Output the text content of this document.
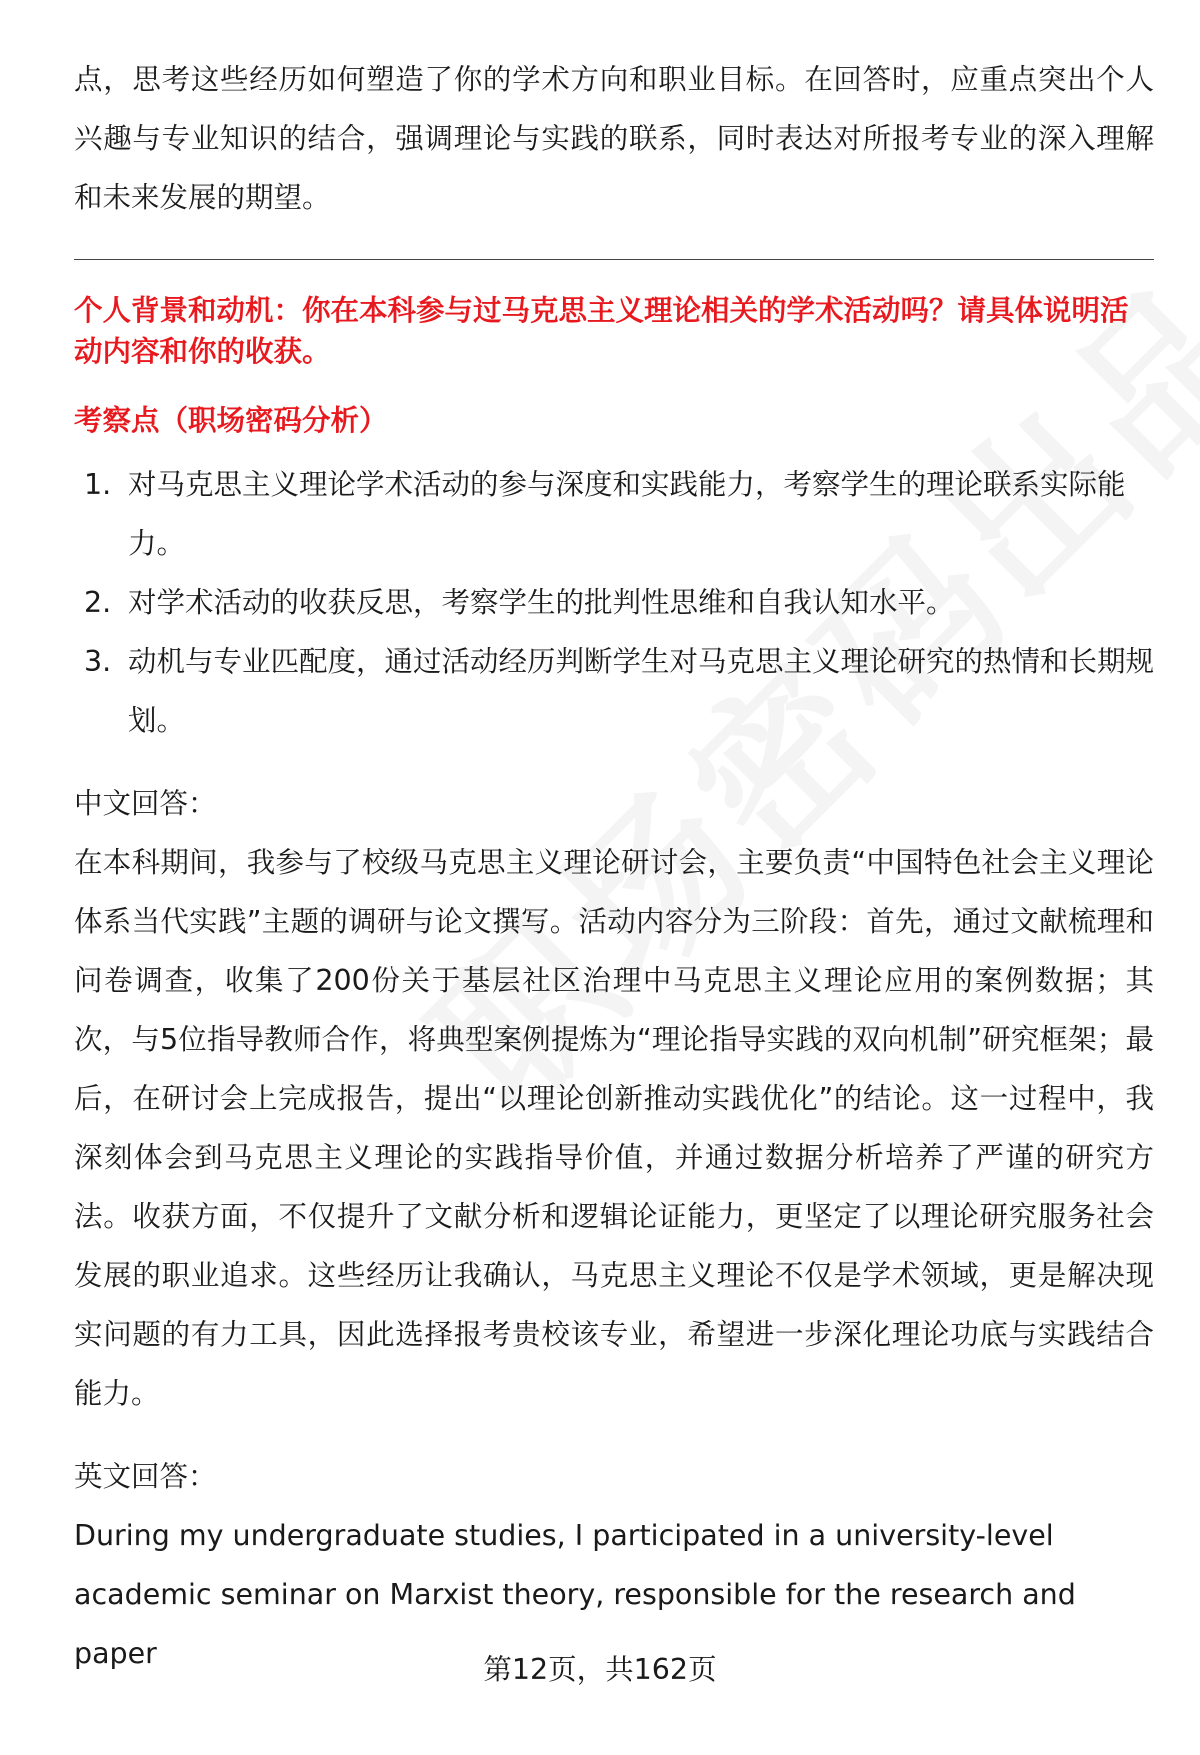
点，思考这些经历如何塑造了你的学术方向和职业目标。在回答时，应重点突出个人兴趣与专业知识的结合，强调理论与实践的联系，同时表达对所报考专业的深入理解和未来发展的期望。

个人背景和动机：你在本科参与过马克思主义理论相关的学术活动吗？请具体说明活动内容和你的收获。

考察点（职场密码分析）

1. 对马克思主义理论学术活动的参与深度和实践能力，考察学生的理论联系实际能力。
2. 对学术活动的收获反思，考察学生的批判性思维和自我认知水平。
3. 动机与专业匹配度，通过活动经历判断学生对马克思主义理论研究的热情和长期规划。

中文回答：

在本科期间，我参与了校级马克思主义理论研讨会，主要负责“中国特色社会主义理论体系当代实践”主题的调研与论文撰写。活动内容分为三阶段：首先，通过文献梳理和问卷调查，收集了200份关于基层社区治理中马克思主义理论应用的案例数据；其次，与5位指导教师合作，将典型案例提炼为“理论指导实践的双向机制”研究框架；最后，在研讨会上完成报告，提出“以理论创新推动实践优化”的结论。这一过程中，我深刻体会到马克思主义理论的实践指导价值，并通过数据分析培养了严谨的研究方法。收获方面，不仅提升了文献分析和逻辑论证能力，更坚定了以理论研究服务社会发展的职业追求。这些经历让我确认，马克思主义理论不仅是学术领域，更是解决现实问题的有力工具，因此选择报考贵校该专业，希望进一步深化理论功底与实践结合能力。

英文回答：

During my undergraduate studies, I participated in a university-level

academic seminar on Marxist theory, responsible for the research and paper	第12页，共162页
